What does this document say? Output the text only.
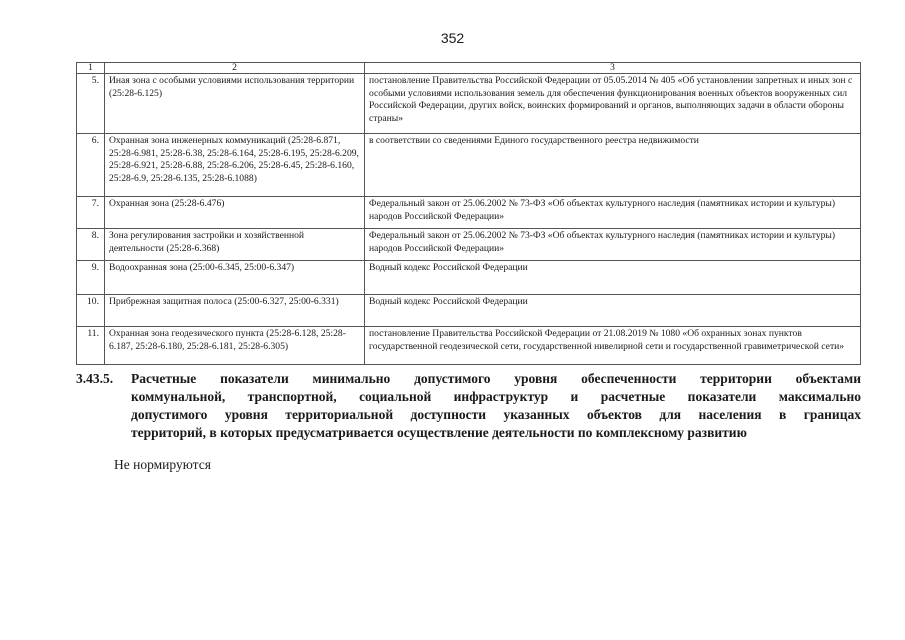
352
1	2	3
5.	Иная зона с особыми условиями использования территории (25:28-6.125)	постановление Правительства Российской Федерации от 05.05.2014 № 405 «Об установлении запретных и иных зон с особыми условиями использования земель для обеспечения функционирования военных объектов вооруженных сил Российской Федерации, других войск, воинских формирований и органов, выполняющих задачи в области обороны страны»
6.	Охранная зона инженерных коммуникаций (25:28-6.871, 25:28-6.981, 25:28-6.38, 25:28-6.164, 25:28-6.195, 25:28-6.209, 25:28-6.921, 25:28-6.88, 25:28-6.206, 25:28-6.45, 25:28-6.160, 25:28-6.9, 25:28-6.135, 25:28-6.1088)	в соответствии со сведениями Единого государственного реестра недвижимости
7.	Охранная зона (25:28-6.476)	Федеральный закон от 25.06.2002 № 73-ФЗ «Об объектах культурного наследия (памятниках истории и культуры) народов Российской Федерации»
8.	Зона регулирования застройки и хозяйственной деятельности (25:28-6.368)	Федеральный закон от 25.06.2002 № 73-ФЗ «Об объектах культурного наследия (памятниках истории и культуры) народов Российской Федерации»
9.	Водоохранная зона (25:00-6.345, 25:00-6.347)	Водный кодекс Российской Федерации
10.	Прибрежная защитная полоса (25:00-6.327, 25:00-6.331)	Водный кодекс Российской Федерации
11.	Охранная зона геодезического пункта (25:28-6.128, 25:28-6.187, 25:28-6.180, 25:28-6.181, 25:28-6.305)	постановление Правительства Российской Федерации от 21.08.2019 № 1080 «Об охранных зонах пунктов государственной геодезической сети, государственной нивелирной сети и государственной гравиметрической сети»
3.43.5. Расчетные показатели минимально допустимого уровня обеспеченности территории объектами
коммунальной, транспортной, социальной инфраструктур и расчетные показатели максимально
допустимого уровня территориальной доступности указанных объектов для населения в границах
территорий, в которых предусматривается осуществление деятельности по комплексному развитию
Не нормируются
